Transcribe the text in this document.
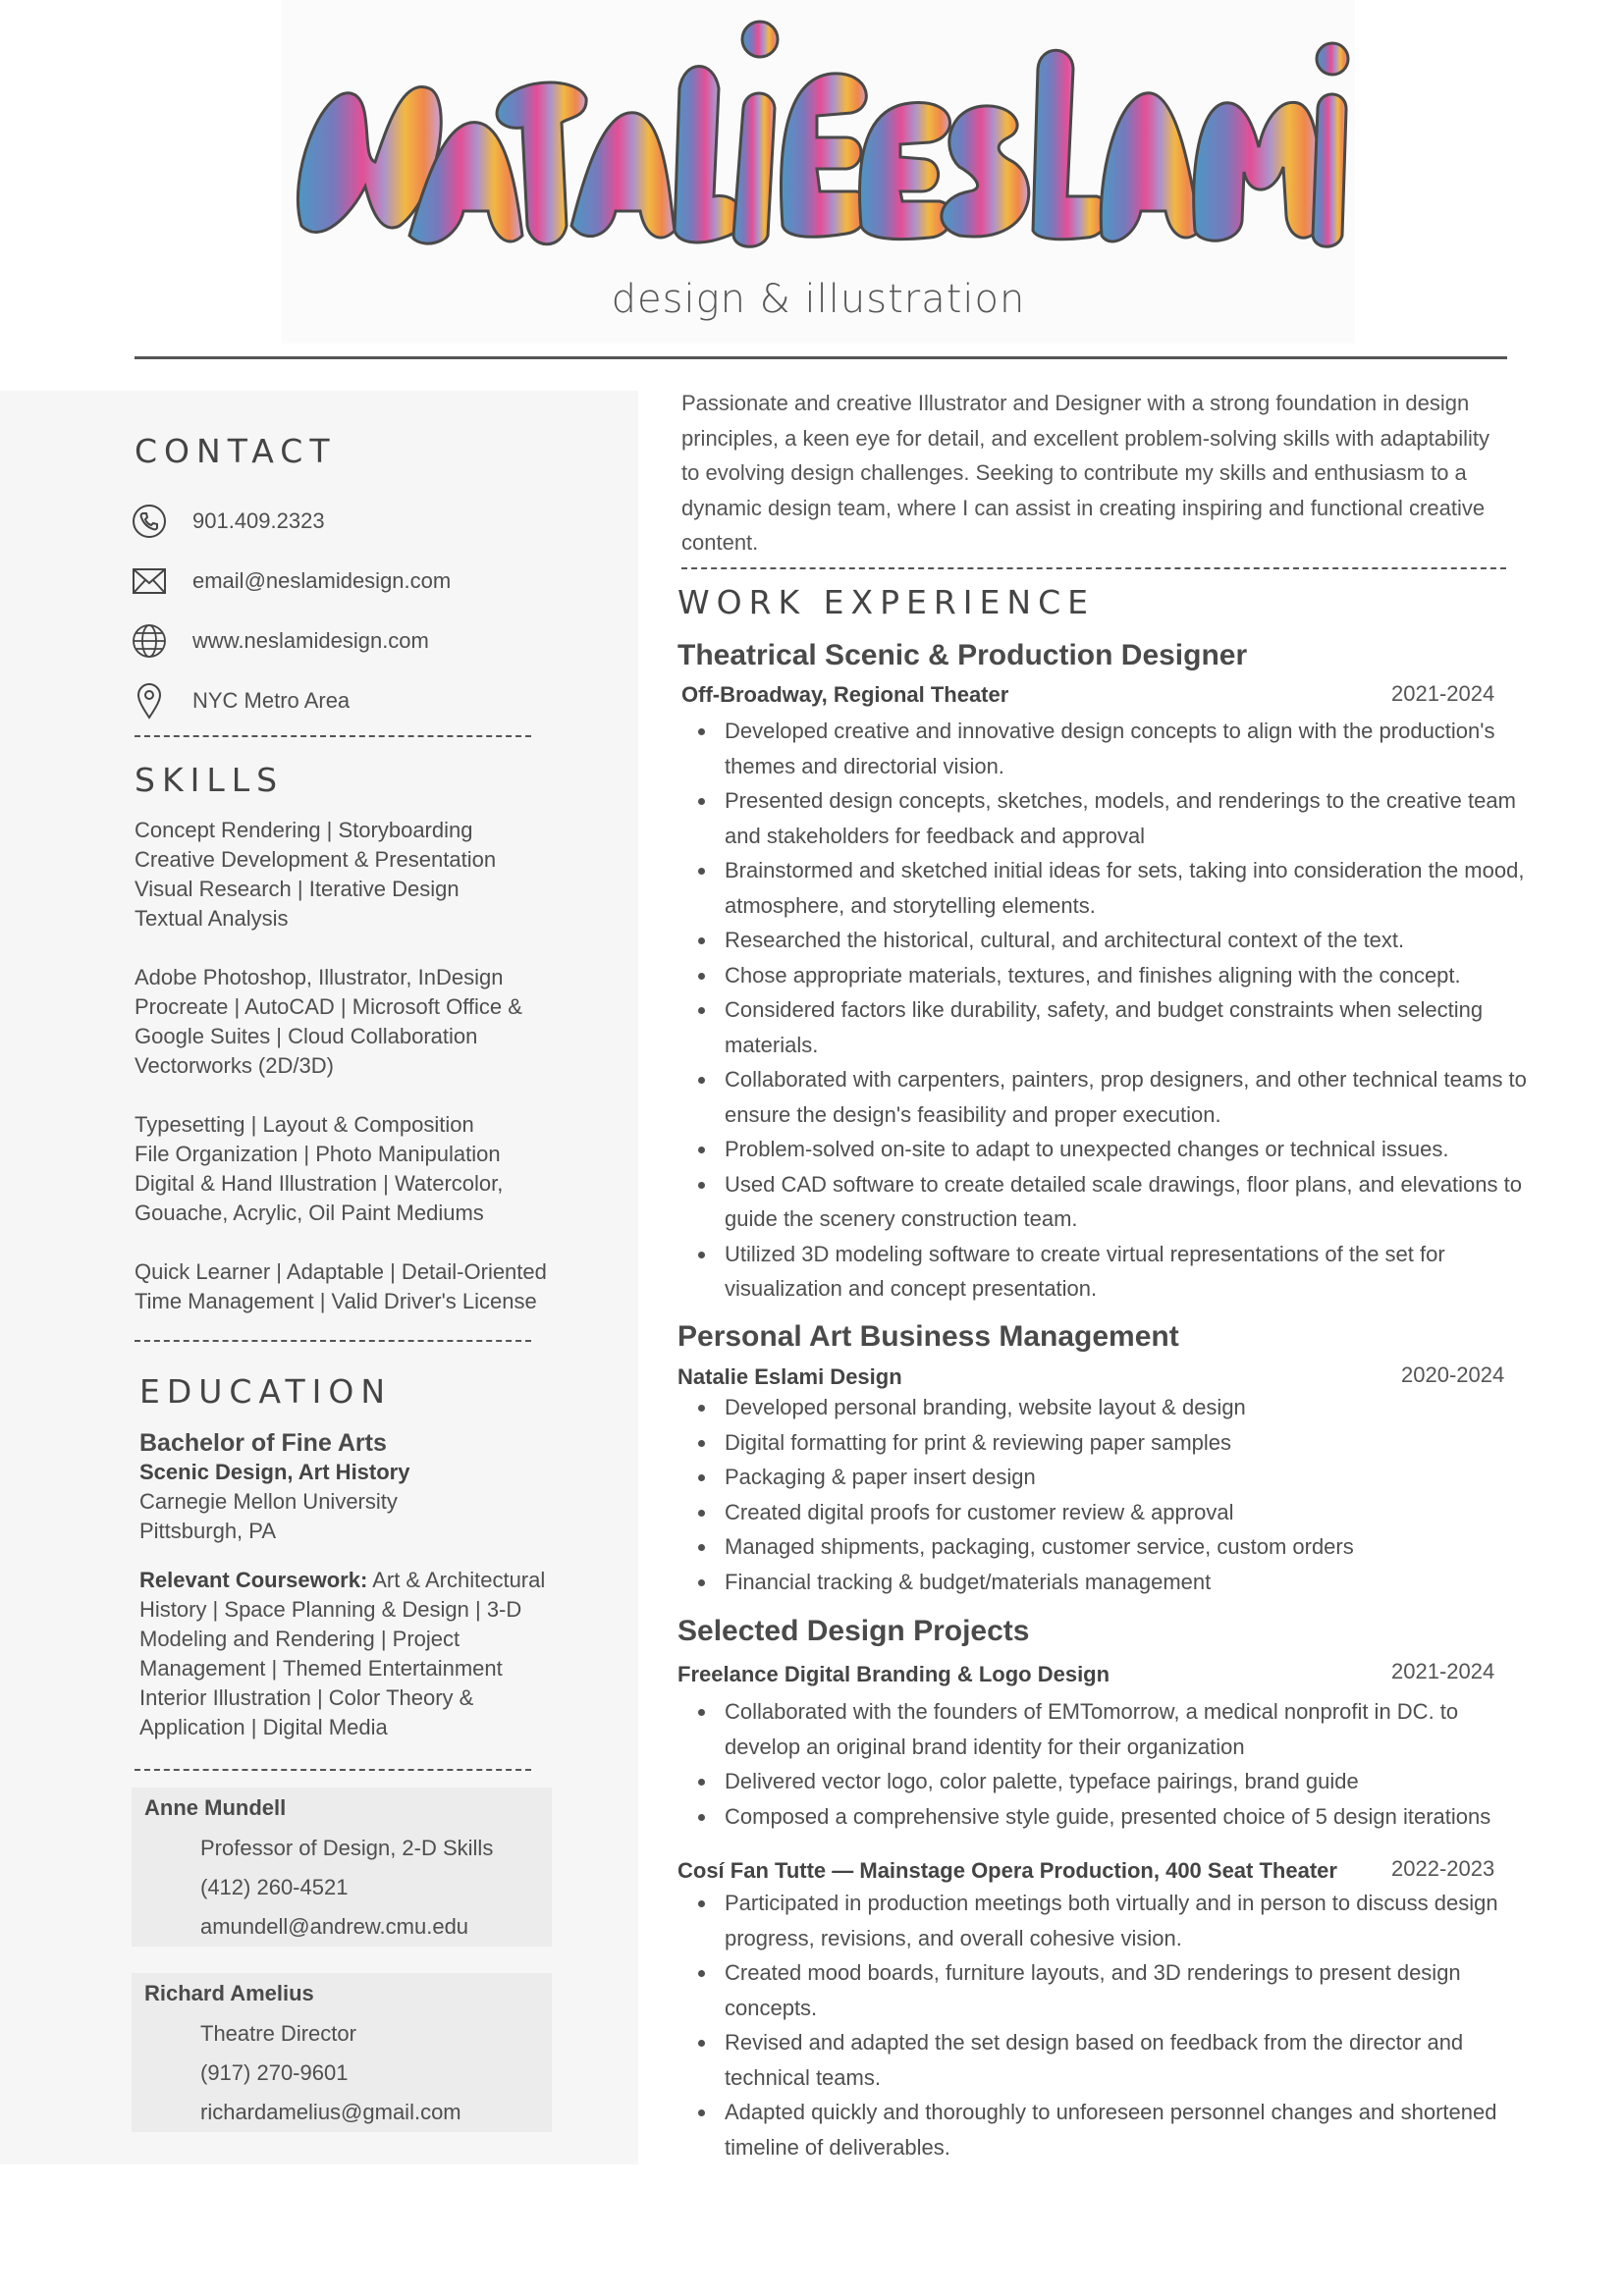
design & illustration
CONTACT
901.409.2323
email@neslamidesign.com
www.neslamidesign.com
NYC Metro Area
SKILLS
Concept Rendering | Storyboarding
Creative Development & Presentation
Visual Research | Iterative Design
Textual Analysis
Adobe Photoshop, Illustrator, InDesign
Procreate | AutoCAD | Microsoft Office &
Google Suites | Cloud Collaboration
Vectorworks (2D/3D)
Typesetting | Layout & Composition
File Organization | Photo Manipulation
Digital & Hand Illustration | Watercolor,
Gouache, Acrylic, Oil Paint Mediums
Quick Learner | Adaptable | Detail-Oriented
Time Management | Valid Driver's License
EDUCATION
Bachelor of Fine Arts
Scenic Design, Art History
Carnegie Mellon University
Pittsburgh, PA
Relevant Coursework: Art & Architectural
History | Space Planning & Design | 3-D
Modeling and Rendering | Project
Management | Themed Entertainment
Interior Illustration | Color Theory &
Application | Digital Media
Anne Mundell
Professor of Design, 2-D Skills
(412) 260-4521
amundell@andrew.cmu.edu
Richard Amelius
Theatre Director
(917) 270-9601
richardamelius@gmail.com
Passionate and creative Illustrator and Designer with a strong foundation in design principles, a keen eye for detail, and excellent problem-solving skills with adaptability to evolving design challenges. Seeking to contribute my skills and enthusiasm to a dynamic design team, where I can assist in creating inspiring and functional creative content.
WORK EXPERIENCE
Theatrical Scenic & Production Designer
Off-Broadway, Regional Theater	2021-2024
• Developed creative and innovative design concepts to align with the production's themes and directorial vision.
• Presented design concepts, sketches, models, and renderings to the creative team and stakeholders for feedback and approval
• Brainstormed and sketched initial ideas for sets, taking into consideration the mood, atmosphere, and storytelling elements.
• Researched the historical, cultural, and architectural context of the text.
• Chose appropriate materials, textures, and finishes aligning with the concept.
• Considered factors like durability, safety, and budget constraints when selecting materials.
• Collaborated with carpenters, painters, prop designers, and other technical teams to ensure the design's feasibility and proper execution.
• Problem-solved on-site to adapt to unexpected changes or technical issues.
• Used CAD software to create detailed scale drawings, floor plans, and elevations to guide the scenery construction team.
• Utilized 3D modeling software to create virtual representations of the set for visualization and concept presentation.
Personal Art Business Management
Natalie Eslami Design	2020-2024
• Developed personal branding, website layout & design
• Digital formatting for print & reviewing paper samples
• Packaging & paper insert design
• Created digital proofs for customer review & approval
• Managed shipments, packaging, customer service, custom orders
• Financial tracking & budget/materials management
Selected Design Projects
Freelance Digital Branding & Logo Design	2021-2024
• Collaborated with the founders of EMTomorrow, a medical nonprofit in DC. to develop an original brand identity for their organization
• Delivered vector logo, color palette, typeface pairings, brand guide
• Composed a comprehensive style guide, presented choice of 5 design iterations
Cosí Fan Tutte — Mainstage Opera Production, 400 Seat Theater	2022-2023
• Participated in production meetings both virtually and in person to discuss design progress, revisions, and overall cohesive vision.
• Created mood boards, furniture layouts, and 3D renderings to present design concepts.
• Revised and adapted the set design based on feedback from the director and technical teams.
• Adapted quickly and thoroughly to unforeseen personnel changes and shortened timeline of deliverables.
